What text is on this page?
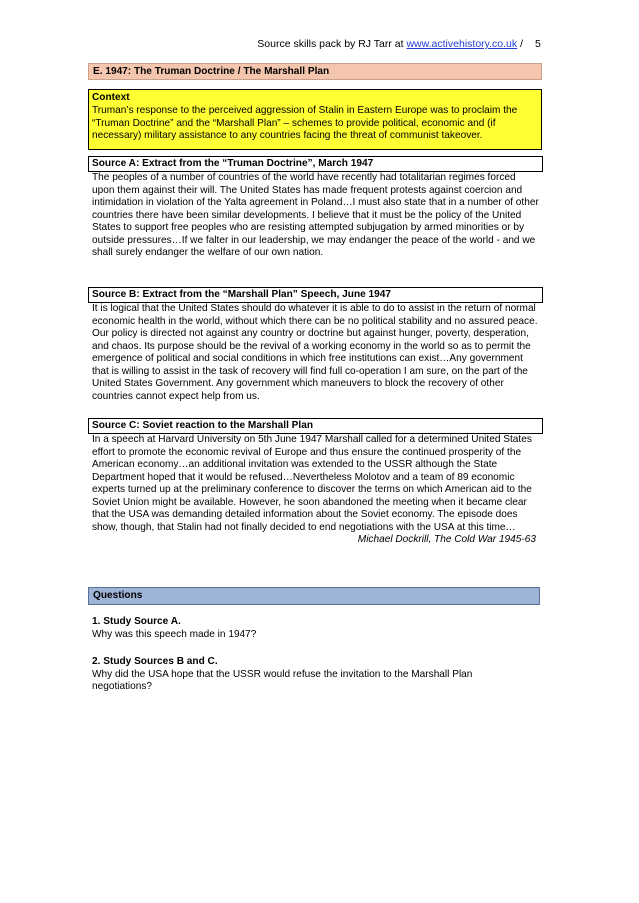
Source skills pack by RJ Tarr at www.activehistory.co.uk / 5
E. 1947: The Truman Doctrine / The Marshall Plan
Context
Truman’s response to the perceived aggression of Stalin in Eastern Europe was to proclaim the “Truman Doctrine” and the “Marshall Plan” – schemes to provide political, economic and (if necessary) military assistance to any countries facing the threat of communist takeover.
Source A: Extract from the “Truman Doctrine”, March 1947

The peoples of a number of countries of the world have recently had totalitarian regimes forced upon them against their will. The United States has made frequent protests against coercion and intimidation in violation of the Yalta agreement in Poland…I must also state that in a number of other countries there have been similar developments. I believe that it must be the policy of the United States to support free peoples who are resisting attempted subjugation by armed minorities or by outside pressures…If we falter in our leadership, we may endanger the peace of the world - and we shall surely endanger the welfare of our own nation.

Source B: Extract from the “Marshall Plan” Speech, June 1947

It is logical that the United States should do whatever it is able to do to assist in the return of normal economic health in the world, without which there can be no political stability and no assured peace. Our policy is directed not against any country or doctrine but against hunger, poverty, desperation, and chaos. Its purpose should be the revival of a working economy in the world so as to permit the emergence of political and social conditions in which free institutions can exist…Any government that is willing to assist in the task of recovery will find full co-operation I am sure, on the part of the United States Government. Any government which maneuvers to block the recovery of other countries cannot expect help from us.

Source C: Soviet reaction to the Marshall Plan

In a speech at Harvard University on 5th June 1947 Marshall called for a determined United States effort to promote the economic revival of Europe and thus ensure the continued prosperity of the American economy…an additional invitation was extended to the USSR although the State Department hoped that it would be refused…Nevertheless Molotov and a team of 89 economic experts turned up at the preliminary conference to discover the terms on which American aid to the Soviet Union might be available. However, he soon abandoned the meeting when it became clear that the USA was demanding detailed information about the Soviet economy. The episode does show, though, that Stalin had not finally decided to end negotiations with the USA at this time…

Michael Dockrill, The Cold War 1945-63

Questions
1. Study Source A.
Why was this speech made in 1947?
2. Study Sources B and C.
Why did the USA hope that the USSR would refuse the invitation to the Marshall Plan negotiations?
